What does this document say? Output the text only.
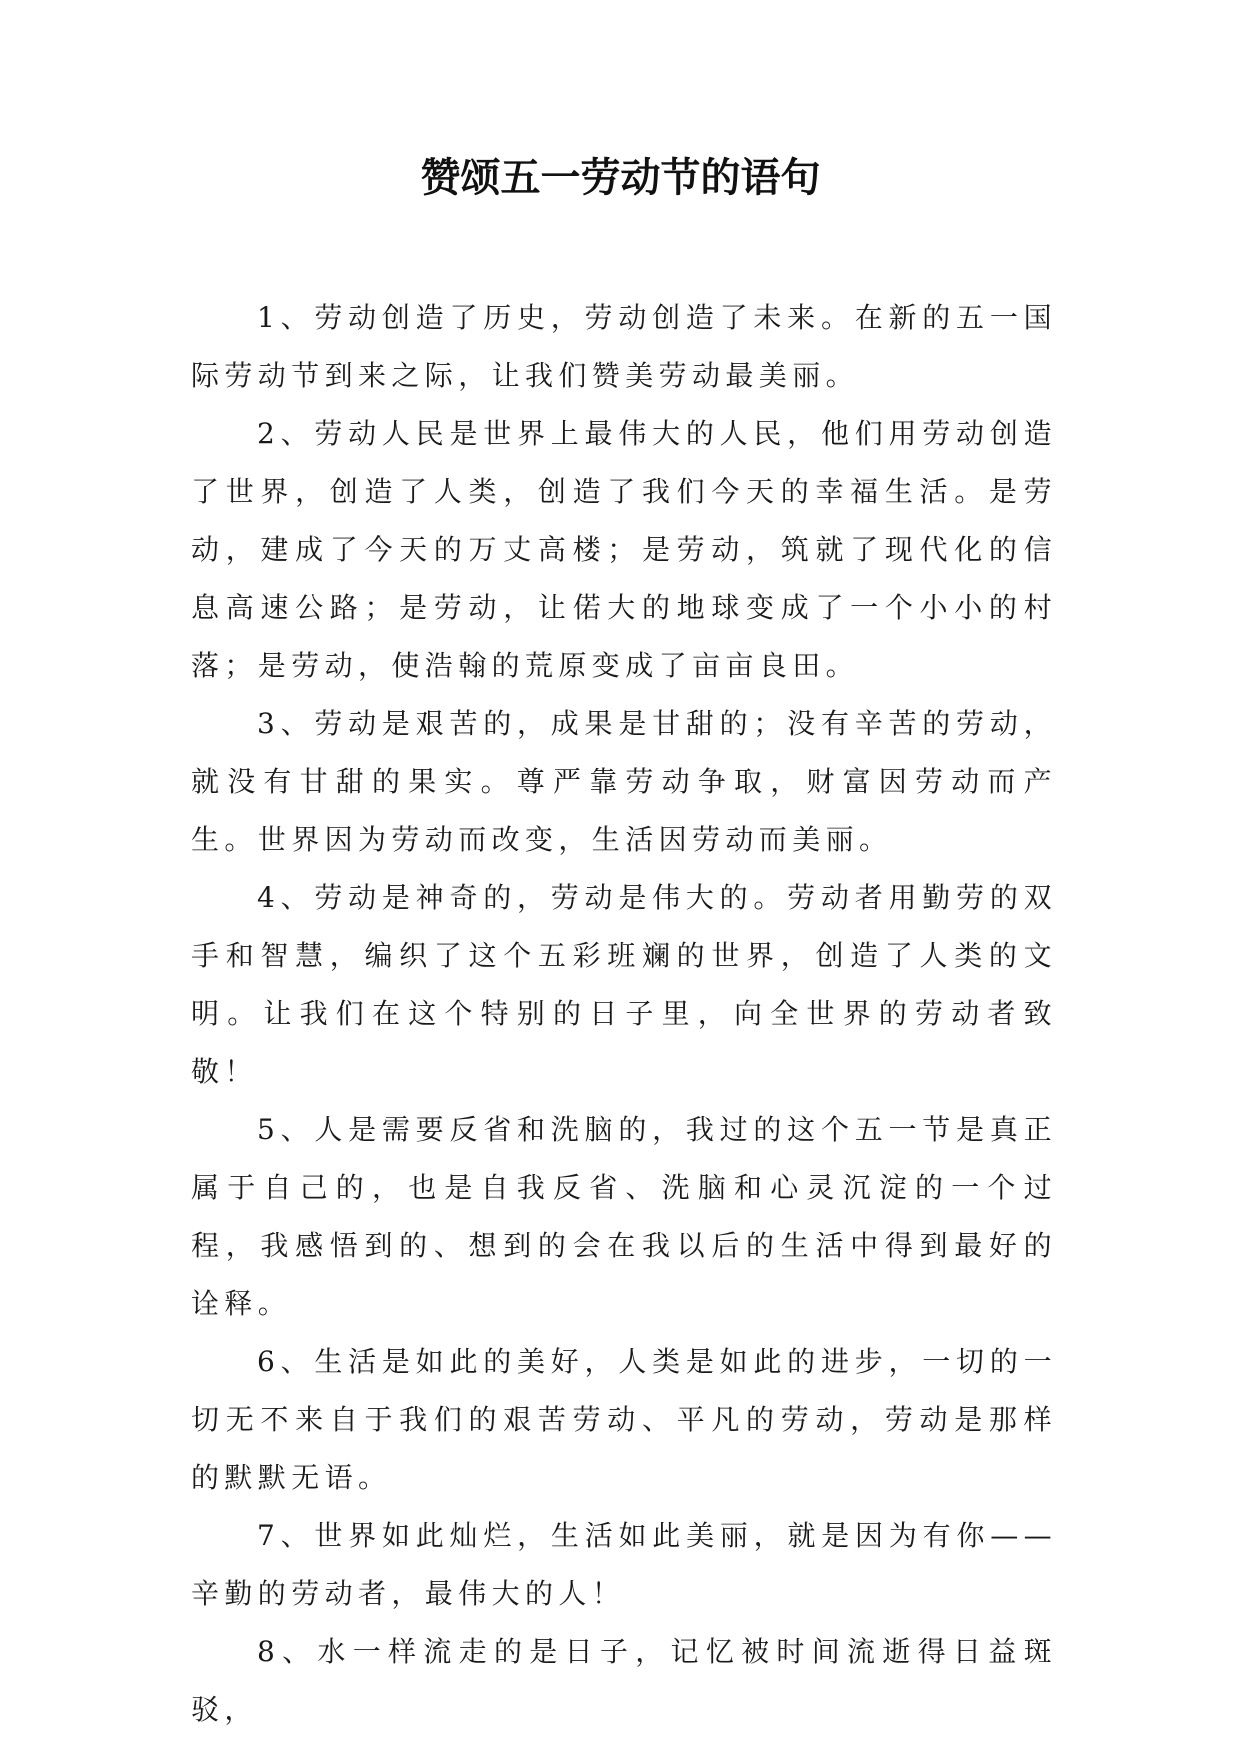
赞颂五一劳动节的语句

1、劳动创造了历史，劳动创造了未来。在新的五一国际劳动节到来之际，让我们赞美劳动最美丽。

2、劳动人民是世界上最伟大的人民，他们用劳动创造了世界，创造了人类，创造了我们今天的幸福生活。是劳动，建成了今天的万丈高楼；是劳动，筑就了现代化的信息高速公路；是劳动，让偌大的地球变成了一个小小的村落；是劳动，使浩翰的荒原变成了亩亩良田。

3、劳动是艰苦的，成果是甘甜的；没有辛苦的劳动，就没有甘甜的果实。尊严靠劳动争取，财富因劳动而产生。世界因为劳动而改变，生活因劳动而美丽。

4、劳动是神奇的，劳动是伟大的。劳动者用勤劳的双手和智慧，编织了这个五彩班斓的世界，创造了人类的文明。让我们在这个特别的日子里，向全世界的劳动者致敬！

5、人是需要反省和洗脑的，我过的这个五一节是真正属于自己的，也是自我反省、洗脑和心灵沉淀的一个过程，我感悟到的、想到的会在我以后的生活中得到最好的诠释。

6、生活是如此的美好，人类是如此的进步，一切的一切无不来自于我们的艰苦劳动、平凡的劳动，劳动是那样的默默无语。

7、世界如此灿烂，生活如此美丽，就是因为有你——辛勤的劳动者，最伟大的人！

8、水一样流走的是日子，记忆被时间流逝得日益斑驳，
